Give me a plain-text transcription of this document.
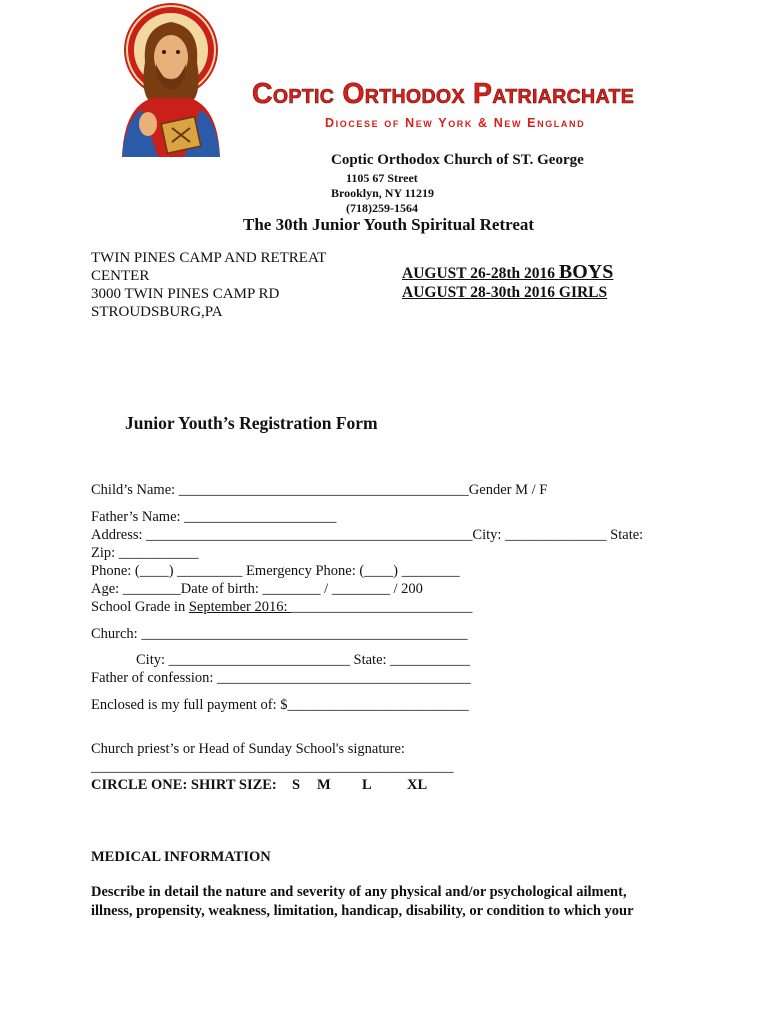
Coptic Orthodox Patriarchate
Diocese of New York & New England
Coptic Orthodox Church of ST. George
1105 67 Street
Brooklyn, NY 11219
(718)259-1564
The 30th Junior Youth Spiritual Retreat
TWIN PINES CAMP AND RETREAT
CENTER
3000 TWIN PINES CAMP RD
STROUDSBURG,PA
AUGUST 26-28th 2016 BOYS
AUGUST 28-30th 2016 GIRLS
Junior Youth’s Registration Form
Child’s Name: ________________________________________Gender M / F
Father’s Name: _____________________
Address: _____________________________________________City: ______________ State:
Zip: ___________
Phone: (____) _________ Emergency Phone: (____) ________
Age: ________Date of birth: ________ / ________ / 200
School Grade in September 2016: _________________________
Church: _____________________________________________
City: _________________________ State: ___________
Father of confession: ___________________________________
Enclosed is my full payment of: $_________________________
Church priest’s or Head of Sunday School's signature:
__________________________________________________
CIRCLE ONE: SHIRT SIZE: S M L XL
MEDICAL INFORMATION
Describe in detail the nature and severity of any physical and/or psychological ailment,
illness, propensity, weakness, limitation, handicap, disability, or condition to which your
